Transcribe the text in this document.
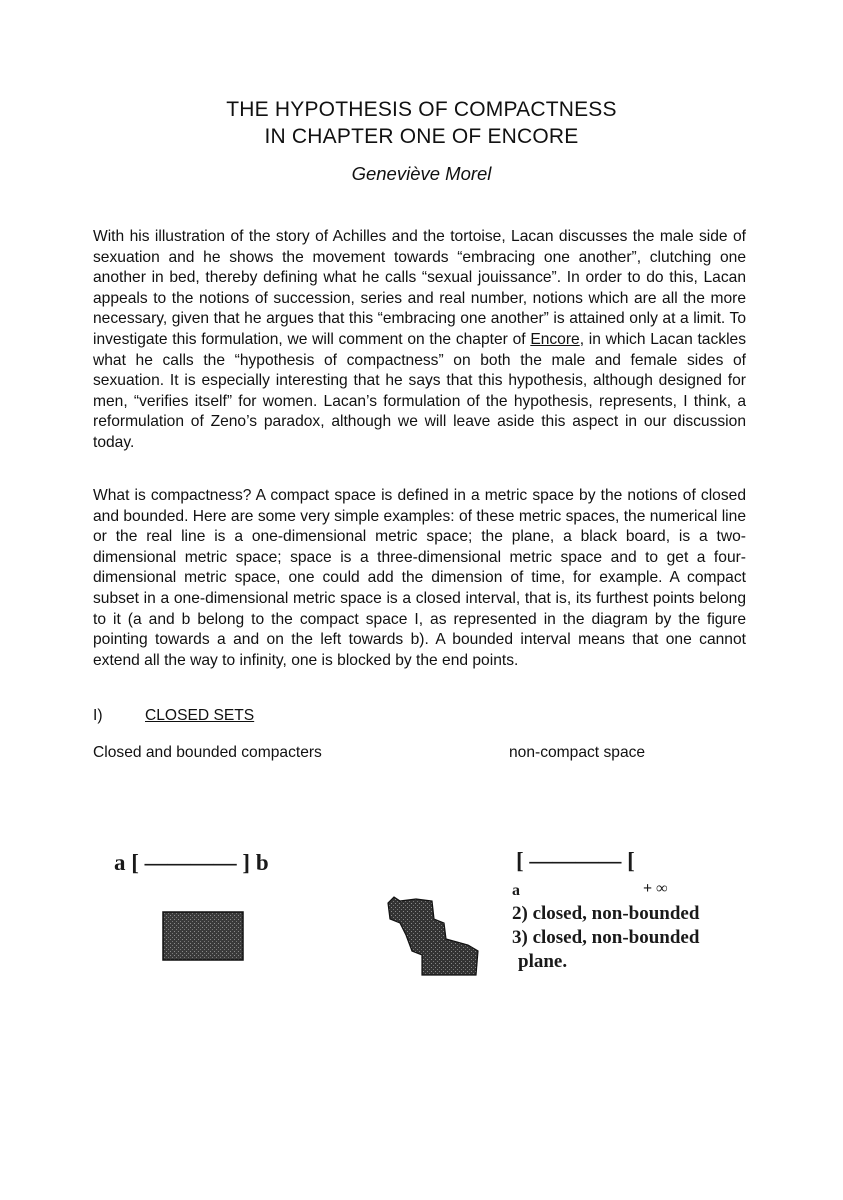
THE HYPOTHESIS OF COMPACTNESS
IN CHAPTER ONE OF ENCORE
Geneviève Morel

With his illustration of the story of Achilles and the tortoise, Lacan discusses the male side of sexuation and he shows the movement towards “embracing one another”, clutching one another in bed, thereby defining what he calls “sexual jouissance”. In order to do this, Lacan appeals to the notions of succession, series and real number, notions which are all the more necessary, given that he argues that this “embracing one another” is attained only at a limit. To investigate this formulation, we will comment on the chapter of Encore, in which Lacan tackles what he calls the “hypothesis of compactness” on both the male and female sides of sexuation. It is especially interesting that he says that this hypothesis, although designed for men, “verifies itself” for women. Lacan’s formulation of the hypothesis, represents, I think, a reformulation of Zeno’s paradox, although we will leave aside this aspect in our discussion today.

What is compactness? A compact space is defined in a metric space by the notions of closed and bounded. Here are some very simple examples: of these metric spaces, the numerical line or the real line is a one-dimensional metric space; the plane, a black board, is a two-dimensional metric space; space is a three-dimensional metric space and to get a four-dimensional metric space, one could add the dimension of time, for example. A compact subset in a one-dimensional metric space is a closed interval, that is, its furthest points belong to it (a and b belong to the compact space I, as represented in the diagram by the figure pointing towards a and on the left towards b). A bounded interval means that one cannot extend all the way to infinity, one is blocked by the end points.

I)	CLOSED SETS
Closed and bounded compacters	non-compact space
a [ ———— ] b	[ ———— [
a	+ ∞
2) closed, non-bounded
3) closed, non-bounded
plane.
